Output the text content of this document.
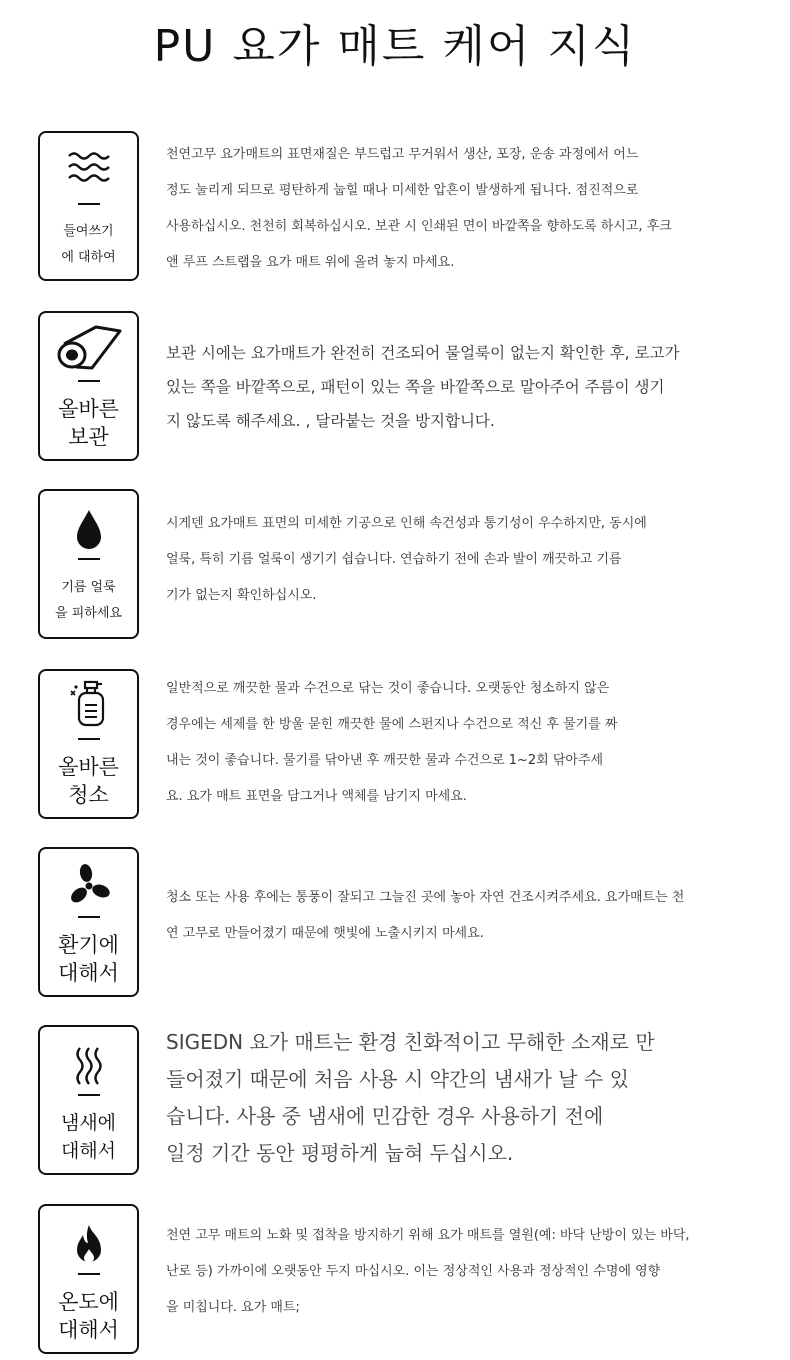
PU 요가 매트 케어 지식
들여쓰기
에 대하여

천연고무 요가매트의 표면재질은 부드럽고 무거워서 생산, 포장, 운송 과정에서 어느

정도 눌리게 되므로 평탄하게 눕힐 때나 미세한 압흔이 발생하게 됩니다. 점진적으로

사용하십시오. 천천히 회복하십시오. 보관 시 인쇄된 면이 바깥쪽을 향하도록 하시고, 후크

앤 루프 스트랩을 요가 매트 위에 올려 놓지 마세요.

올바른
보관

보관 시에는 요가매트가 완전히 건조되어 물얼룩이 없는지 확인한 후, 로고가

있는 쪽을 바깥쪽으로, 패턴이 있는 쪽을 바깥쪽으로 말아주어 주름이 생기

지 않도록 해주세요. , 달라붙는 것을 방지합니다.

기름 얼룩
을 피하세요

시게덴 요가매트 표면의 미세한 기공으로 인해 속건성과 통기성이 우수하지만, 동시에

얼룩, 특히 기름 얼룩이 생기기 쉽습니다. 연습하기 전에 손과 발이 깨끗하고 기름

기가 없는지 확인하십시오.

올바른
청소

일반적으로 깨끗한 물과 수건으로 닦는 것이 좋습니다. 오랫동안 청소하지 않은

경우에는 세제를 한 방울 묻힌 깨끗한 물에 스펀지나 수건으로 적신 후 물기를 짜

내는 것이 좋습니다. 물기를 닦아낸 후 깨끗한 물과 수건으로 1~2회 닦아주세

요. 요가 매트 표면을 담그거나 액체를 남기지 마세요.

환기에
대해서

청소 또는 사용 후에는 통풍이 잘되고 그늘진 곳에 놓아 자연 건조시켜주세요. 요가매트는 천

연 고무로 만들어졌기 때문에 햇빛에 노출시키지 마세요.

냄새에
대해서

SIGEDN 요가 매트는 환경 친화적이고 무해한 소재로 만

들어졌기 때문에 처음 사용 시 약간의 냄새가 날 수 있

습니다. 사용 중 냄새에 민감한 경우 사용하기 전에

일정 기간 동안 평평하게 눕혀 두십시오.

온도에
대해서

천연 고무 매트의 노화 및 접착을 방지하기 위해 요가 매트를 열원(예: 바닥 난방이 있는 바닥,

난로 등) 가까이에 오랫동안 두지 마십시오. 이는 정상적인 사용과 정상적인 수명에 영향

을 미칩니다. 요가 매트;
